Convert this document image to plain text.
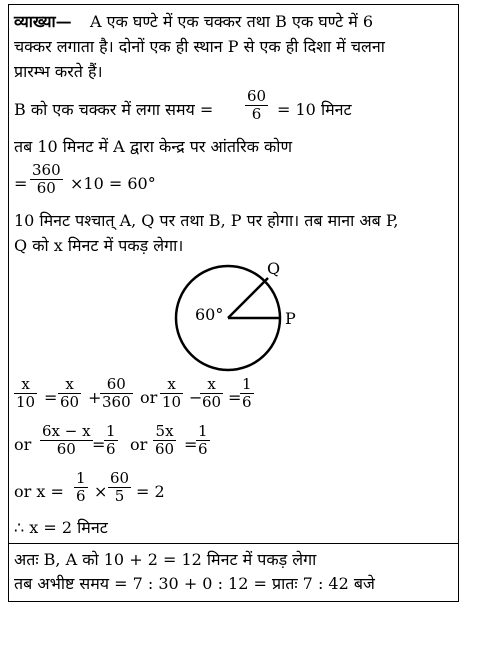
व्याख्या— A एक घण्टे में एक चक्कर तथा B एक घण्टे में 6
चक्कर लगाता है। दोनों एक ही स्थान P से एक ही दिशा में चलना
प्रारम्भ करते हैं।
B को एक चक्कर में लगा समय = $\frac{60}{6} = 10$ मिनट
तब 10 मिनट में A द्वारा केन्द्र पर आंतरिक कोण
= $\frac{360}{60} \times 10 = 60^\circ$
10 मिनट पश्चात् A, Q पर तथा B, P पर होगा। तब माना अब P,
Q को x मिनट में पकड़ लेगा।
60°
Q
P
$\frac{x}{10} = \frac{x}{60}$ +
$\frac{60}{360}$ or $\frac{x}{10}$ −
$\frac{x}{60}$ =
$\frac{1}{6}$
or $\frac{6x - x}{60}$ =
$\frac{1}{6}$ or $\frac{5x}{60}$ =
$\frac{1}{6}$
or $x = \frac{1}{6} \times \frac{60}{5} = 2$
∴ x = 2 मिनट
अतः B, A को 10 + 2 = 12 मिनट में पकड़ लेगा
तब अभीष्ट समय = 7 : 30 + 0 : 12 = प्रातः 7 : 42 बजे
